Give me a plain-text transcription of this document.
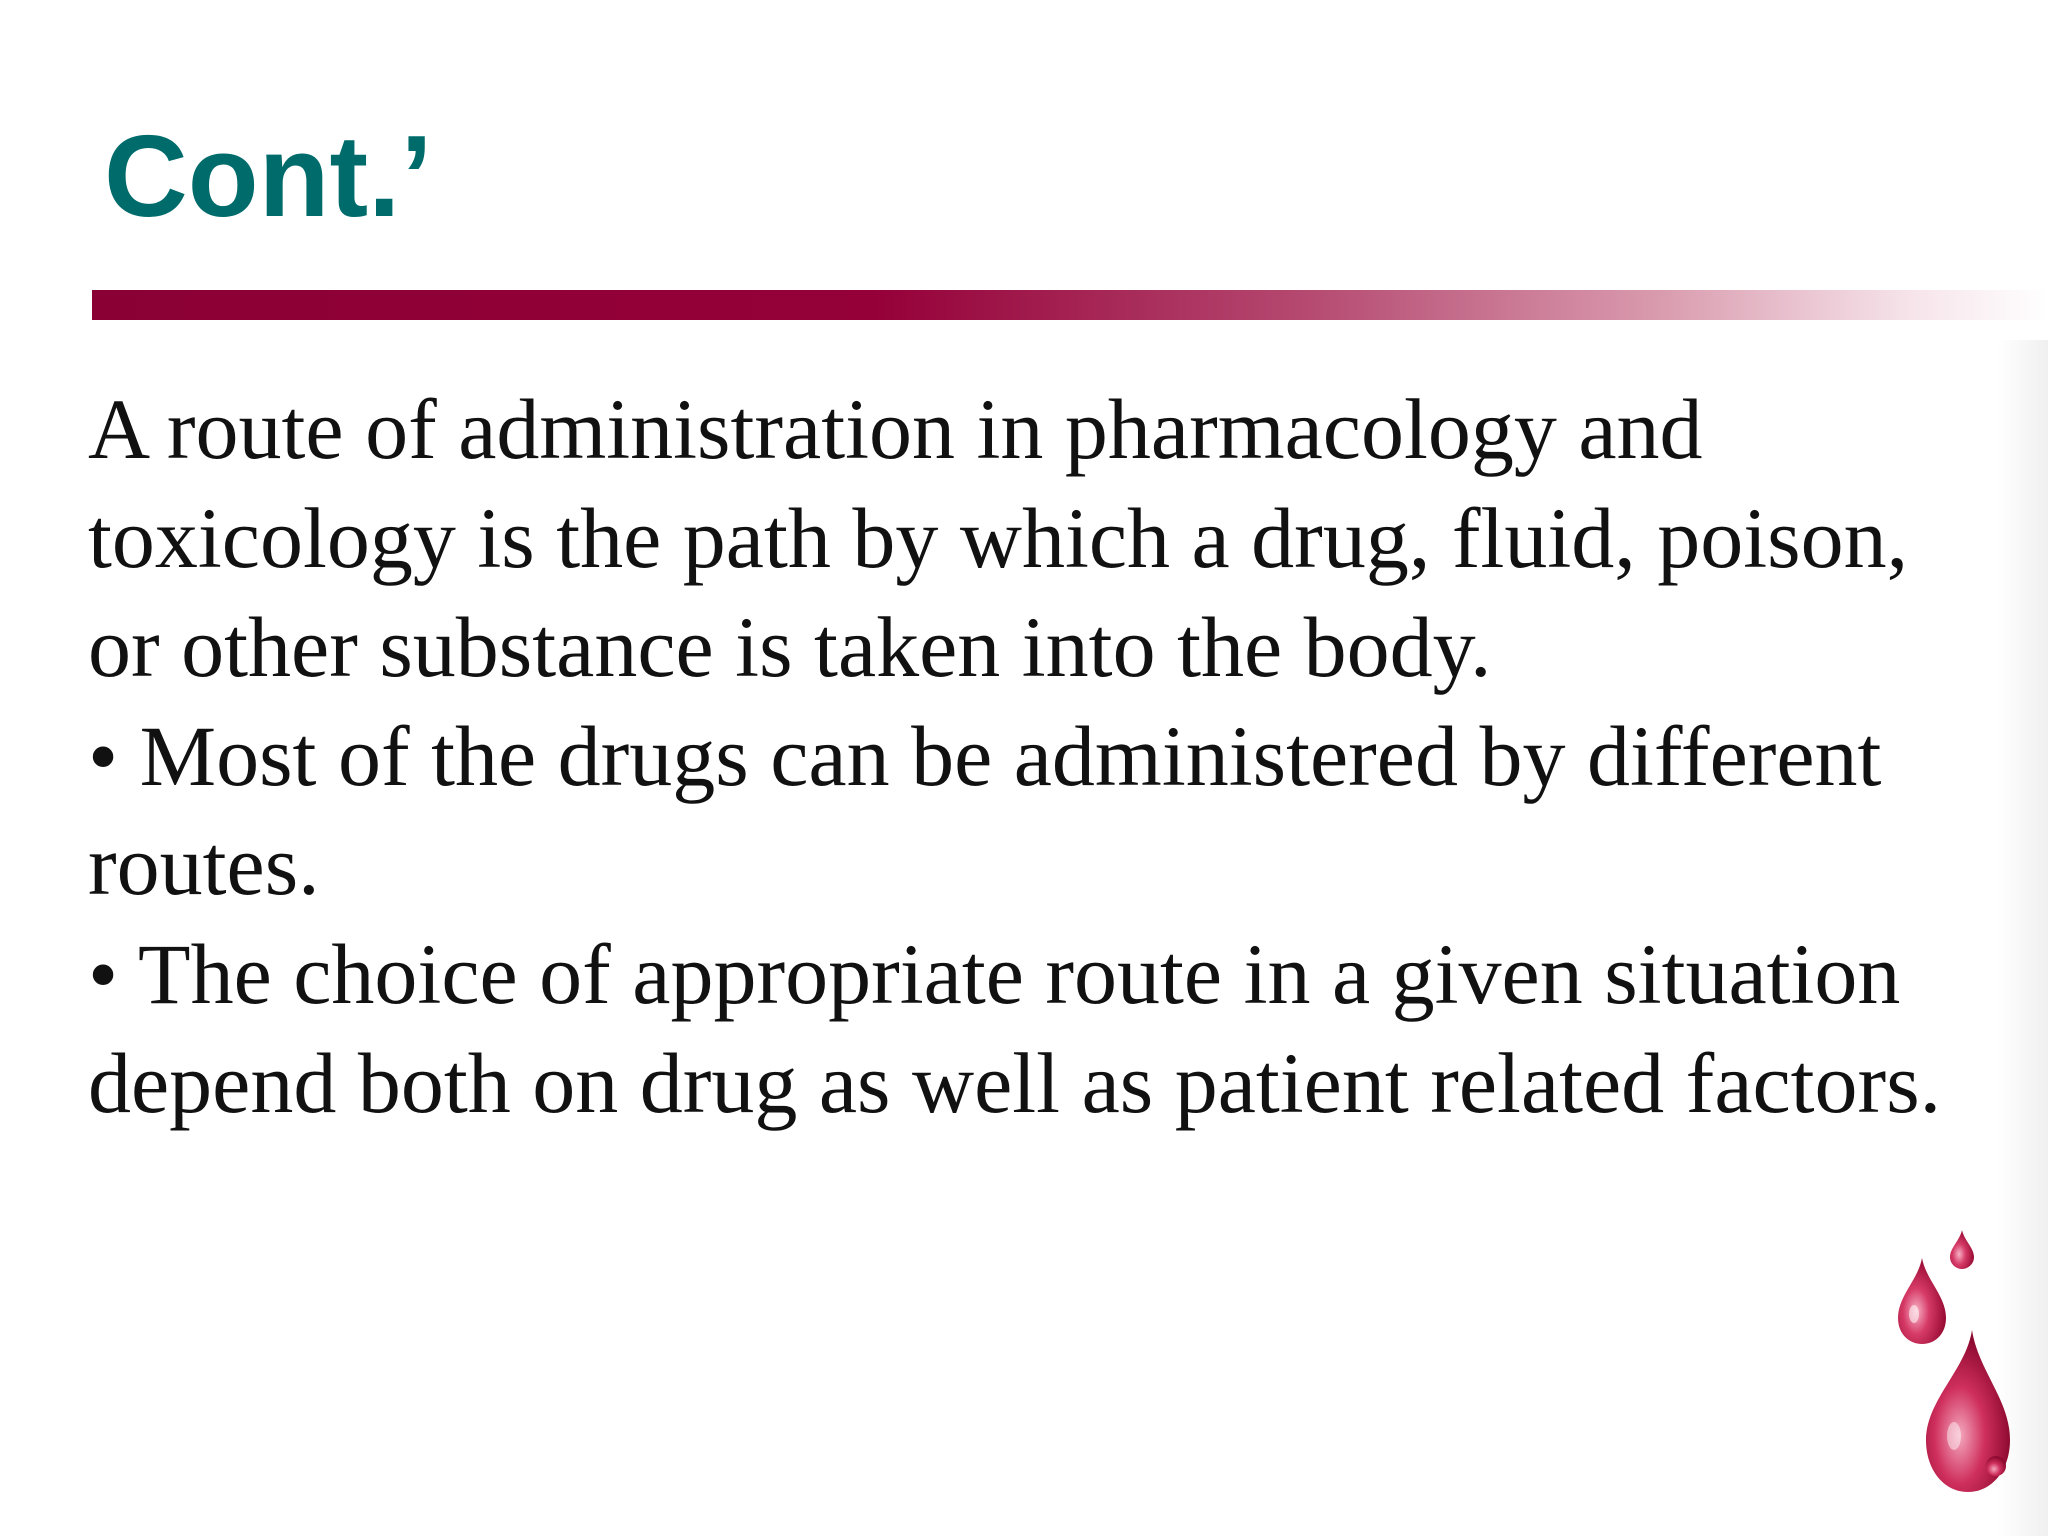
Cont.’

A route of administration in pharmacology and toxicology is the path by which a drug, fluid, poison, or other substance is taken into the body.

• Most of the drugs can be administered by different routes.

• The choice of appropriate route in a given situation depend both on drug as well as patient related factors.
